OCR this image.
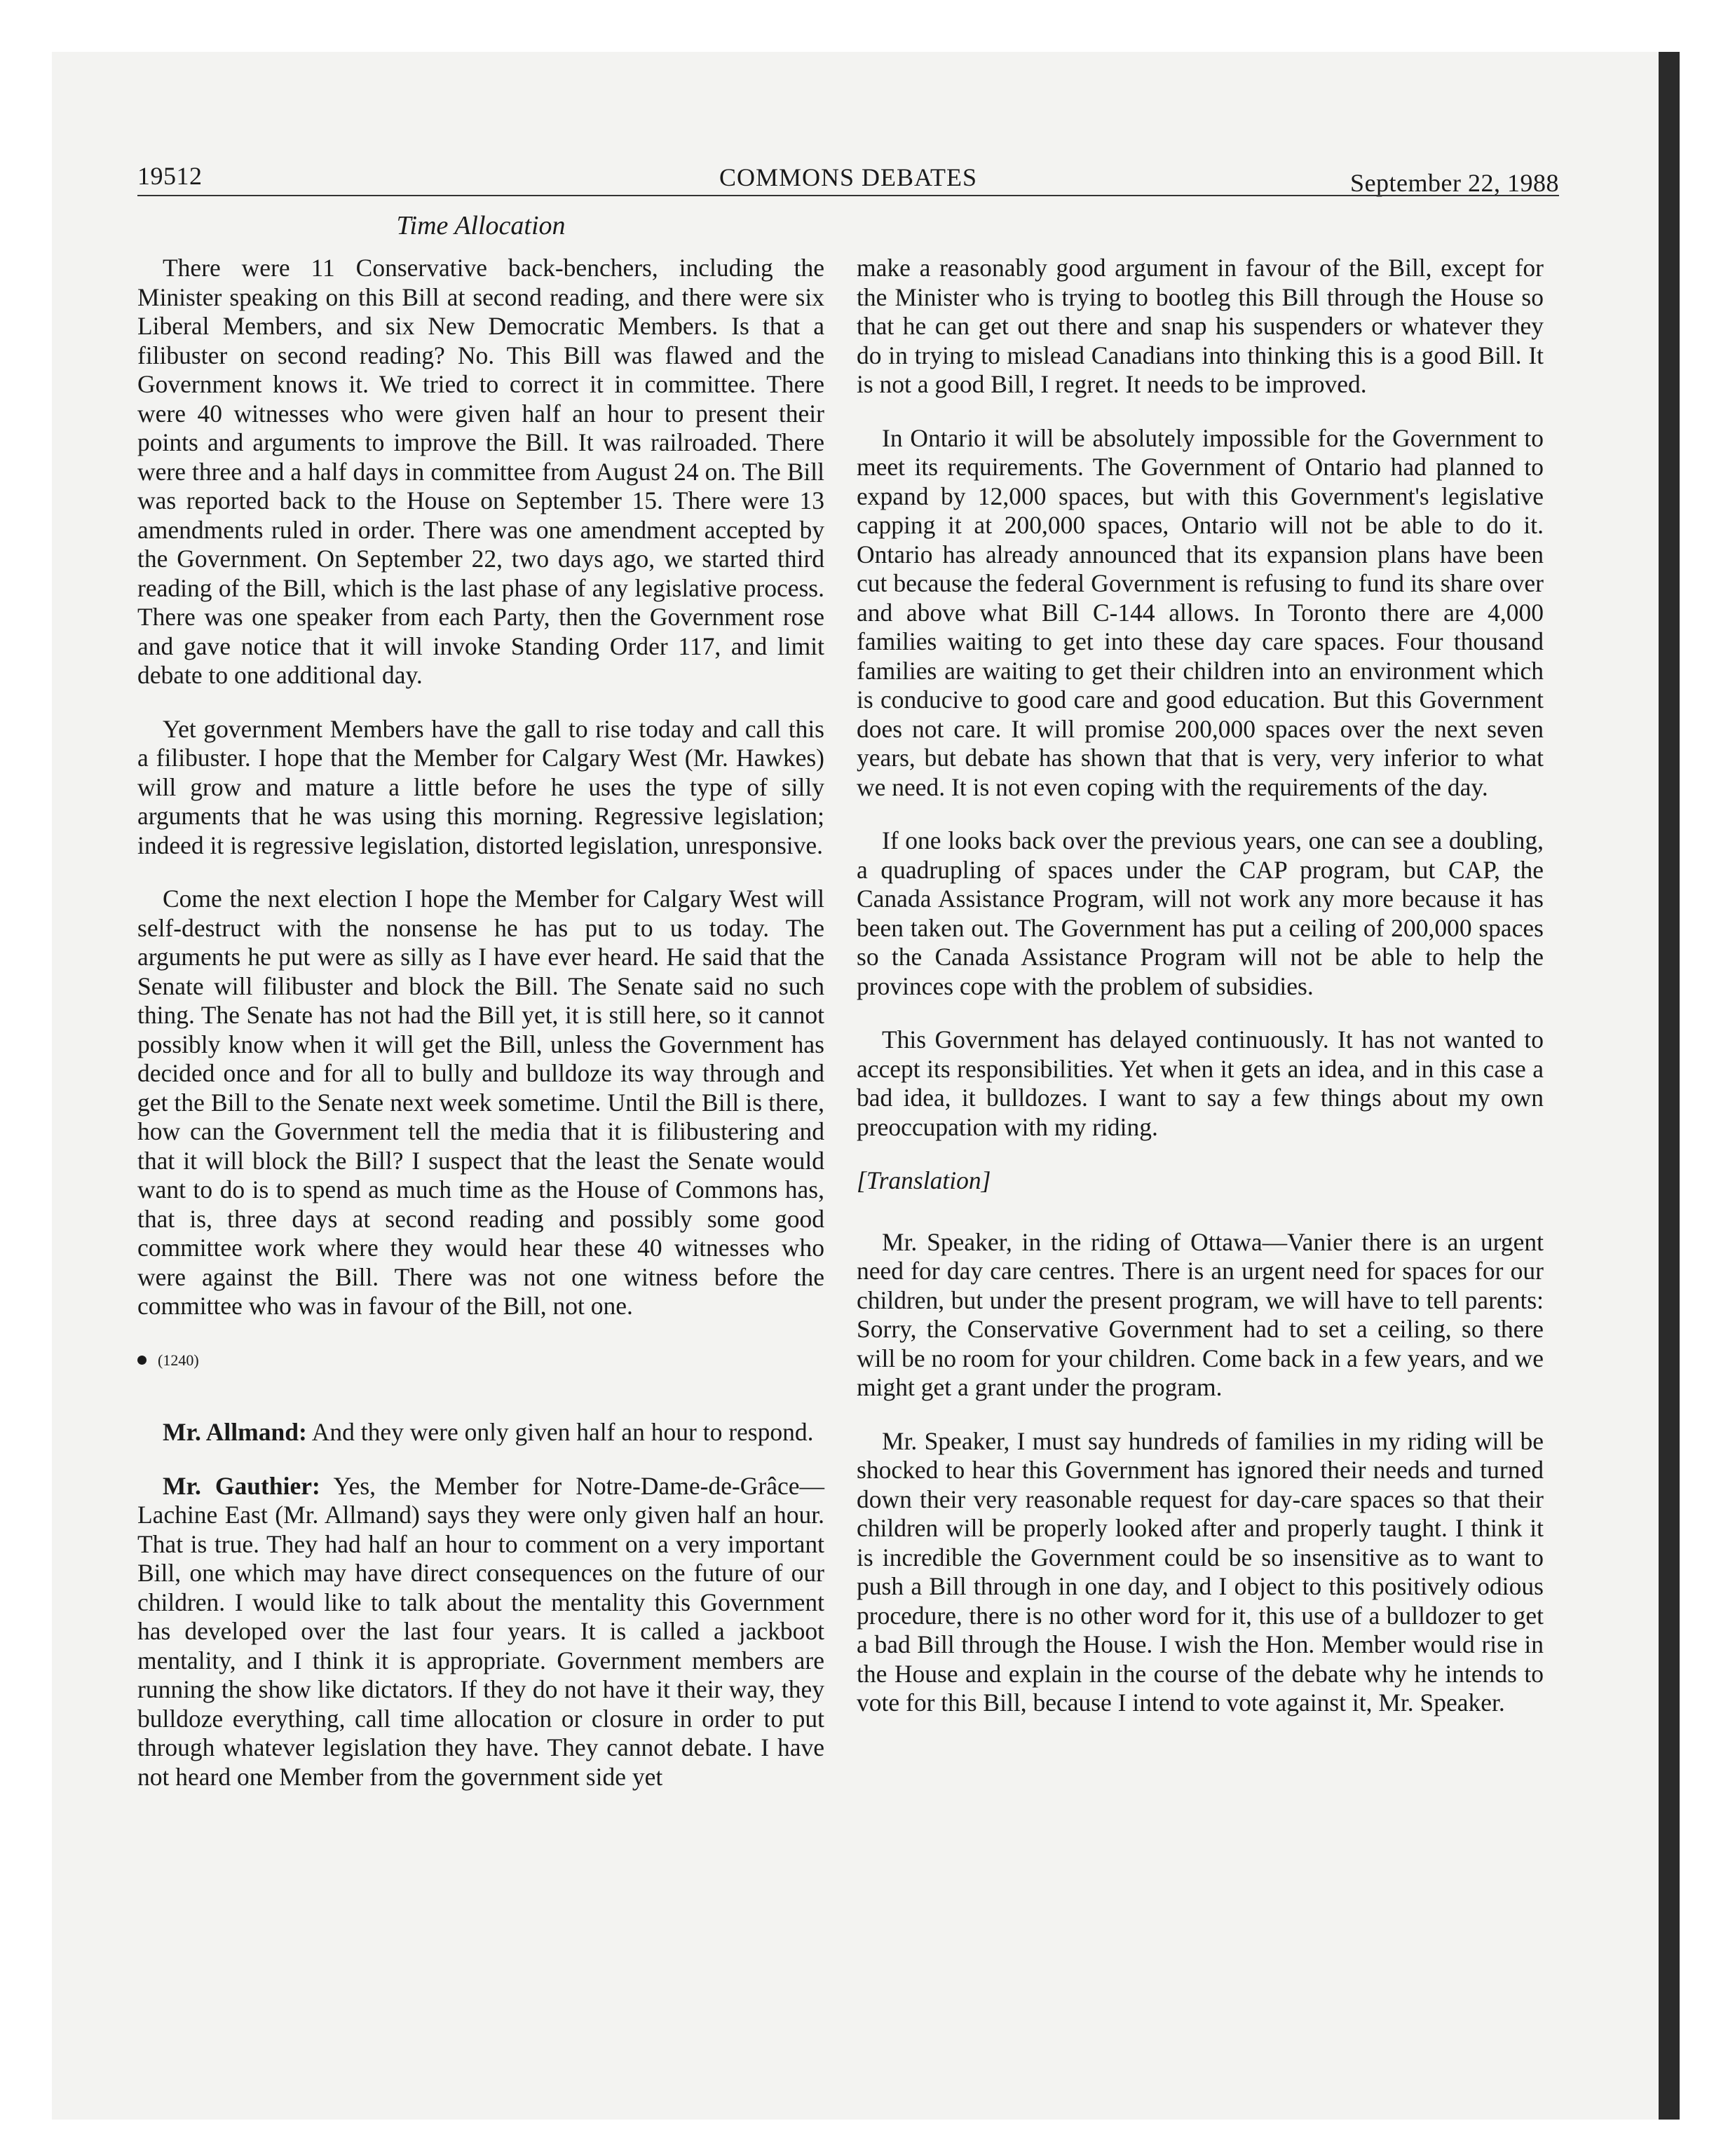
19512	COMMONS DEBATES	September 22, 1988
Time Allocation

There were 11 Conservative back-benchers, including the Minister speaking on this Bill at second reading, and there were six Liberal Members, and six New Democratic Members. Is that a filibuster on second reading? No. This Bill was flawed and the Government knows it. We tried to correct it in committee. There were 40 witnesses who were given half an hour to present their points and arguments to improve the Bill. It was railroaded. There were three and a half days in committee from August 24 on. The Bill was reported back to the House on September 15. There were 13 amendments ruled in order. There was one amendment accepted by the Government. On September 22, two days ago, we started third reading of the Bill, which is the last phase of any legislative process. There was one speaker from each Party, then the Government rose and gave notice that it will invoke Standing Order 117, and limit debate to one additional day.

Yet government Members have the gall to rise today and call this a filibuster. I hope that the Member for Calgary West (Mr. Hawkes) will grow and mature a little before he uses the type of silly arguments that he was using this morning. Regressive legislation; indeed it is regressive legislation, distorted legislation, unresponsive.

Come the next election I hope the Member for Calgary West will self-destruct with the nonsense he has put to us today. The arguments he put were as silly as I have ever heard. He said that the Senate will filibuster and block the Bill. The Senate said no such thing. The Senate has not had the Bill yet, it is still here, so it cannot possibly know when it will get the Bill, unless the Government has decided once and for all to bully and bulldoze its way through and get the Bill to the Senate next week sometime. Until the Bill is there, how can the Government tell the media that it is filibustering and that it will block the Bill? I suspect that the least the Senate would want to do is to spend as much time as the House of Commons has, that is, three days at second reading and possibly some good committee work where they would hear these 40 witnesses who were against the Bill. There was not one witness before the committee who was in favour of the Bill, not one.

(1240)

Mr. Allmand: And they were only given half an hour to respond.

Mr. Gauthier: Yes, the Member for Notre-Dame-de-Grâce—Lachine East (Mr. Allmand) says they were only given half an hour. That is true. They had half an hour to comment on a very important Bill, one which may have direct consequences on the future of our children. I would like to talk about the mentality this Government has developed over the last four years. It is called a jackboot mentality, and I think it is appropriate. Government members are running the show like dictators. If they do not have it their way, they bulldoze everything, call time allocation or closure in order to put through whatever legislation they have. They cannot debate. I have not heard one Member from the government side yet

make a reasonably good argument in favour of the Bill, except for the Minister who is trying to bootleg this Bill through the House so that he can get out there and snap his suspenders or whatever they do in trying to mislead Canadians into thinking this is a good Bill. It is not a good Bill, I regret. It needs to be improved.

In Ontario it will be absolutely impossible for the Government to meet its requirements. The Government of Ontario had planned to expand by 12,000 spaces, but with this Government's legislative capping it at 200,000 spaces, Ontario will not be able to do it. Ontario has already announced that its expansion plans have been cut because the federal Government is refusing to fund its share over and above what Bill C-144 allows. In Toronto there are 4,000 families waiting to get into these day care spaces. Four thousand families are waiting to get their children into an environment which is conducive to good care and good education. But this Government does not care. It will promise 200,000 spaces over the next seven years, but debate has shown that that is very, very inferior to what we need. It is not even coping with the requirements of the day.

If one looks back over the previous years, one can see a doubling, a quadrupling of spaces under the CAP program, but CAP, the Canada Assistance Program, will not work any more because it has been taken out. The Government has put a ceiling of 200,000 spaces so the Canada Assistance Program will not be able to help the provinces cope with the problem of subsidies.

This Government has delayed continuously. It has not wanted to accept its responsibilities. Yet when it gets an idea, and in this case a bad idea, it bulldozes. I want to say a few things about my own preoccupation with my riding.

[Translation]

Mr. Speaker, in the riding of Ottawa—Vanier there is an urgent need for day care centres. There is an urgent need for spaces for our children, but under the present program, we will have to tell parents: Sorry, the Conservative Government had to set a ceiling, so there will be no room for your children. Come back in a few years, and we might get a grant under the program.

Mr. Speaker, I must say hundreds of families in my riding will be shocked to hear this Government has ignored their needs and turned down their very reasonable request for day-care spaces so that their children will be properly looked after and properly taught. I think it is incredible the Government could be so insensitive as to want to push a Bill through in one day, and I object to this positively odious procedure, there is no other word for it, this use of a bulldozer to get a bad Bill through the House. I wish the Hon. Member would rise in the House and explain in the course of the debate why he intends to vote for this Bill, because I intend to vote against it, Mr. Speaker.
